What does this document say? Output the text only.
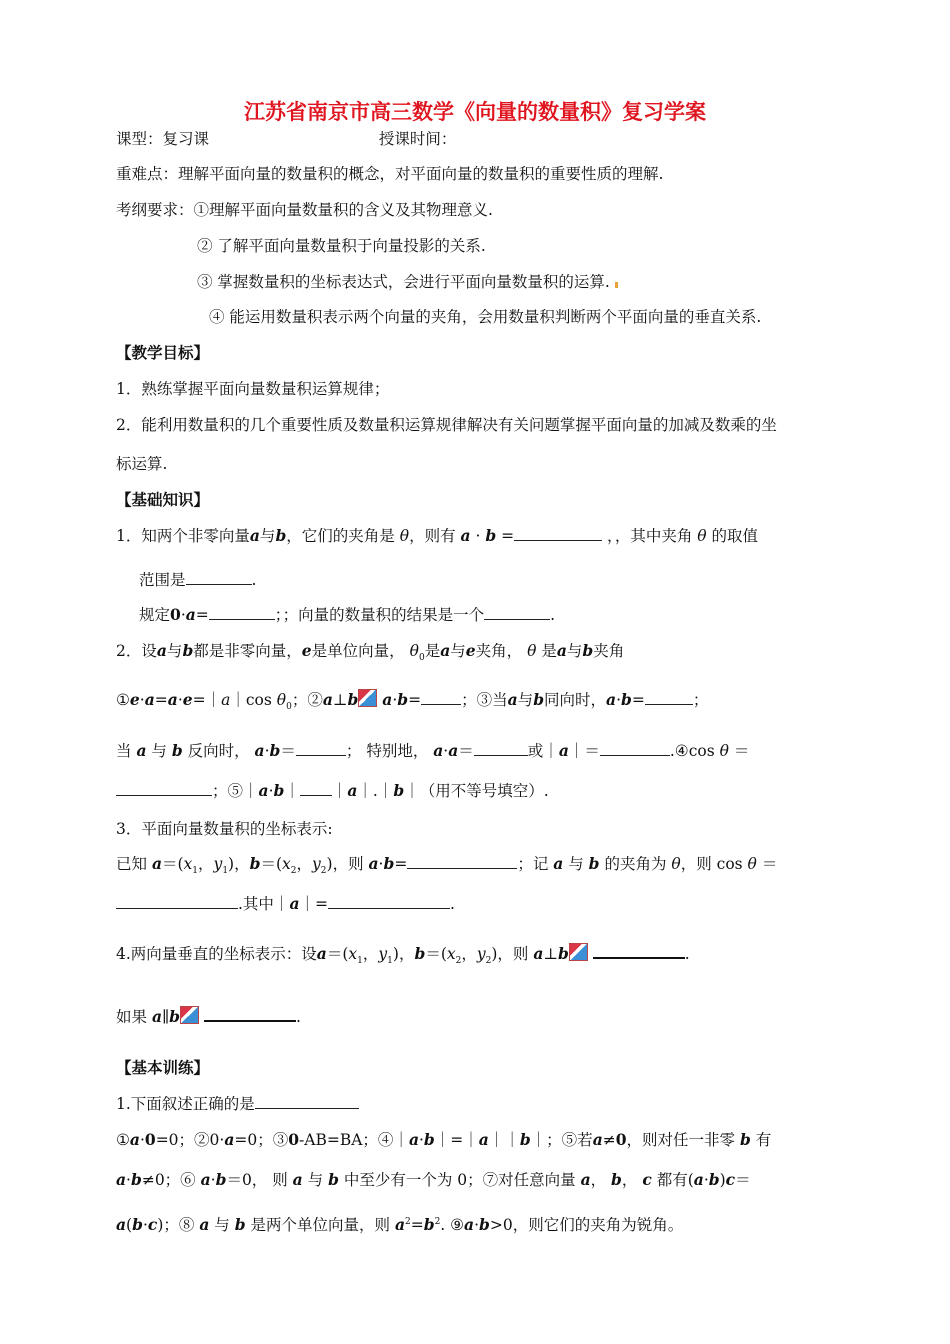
江苏省南京市高三数学《向量的数量积》复习学案
课型：复习课	授课时间：
重难点：理解平面向量的数量积的概念，对平面向量的数量积的重要性质的理解.
考纲要求：①理解平面向量数量积的含义及其物理意义.
② 了解平面向量数量积于向量投影的关系.
③ 掌握数量积的坐标表达式，会进行平面向量数量积的运算.
④ 能运用数量积表示两个向量的夹角，会用数量积判断两个平面向量的垂直关系.
【教学目标】
1．熟练掌握平面向量数量积运算规律；
2．能利用数量积的几个重要性质及数量积运算规律解决有关问题掌握平面向量的加减及数乘的坐
标运算.
【基础知识】
1．知两个非零向量a与b，它们的夹角是 θ，则有 a · b =	，，其中夹角 θ 的取值
范围是	.
规定0·a=	；；向量的数量积的结果是一个	.
2．设a与b都是非零向量，e是单位向量， $\theta_0$是a与e夹角， θ 是a与b夹角
①e·a=a·e=｜a｜cos $\theta_0$；②a⊥b a·b=	；③当a与b同向时，a·b=	；
当 a 与 b 反向时， a·b＝	； 特别地， a·a＝	或｜a｜＝	.④cos θ ＝
；⑤｜a·b｜ ｜a｜.｜b｜（用不等号填空）.
3．平面向量数量积的坐标表示:
已知 $a=(x_1$，$y_1$)，$b=(x_2$，$y_2$)，则 a·b=	；记 a 与 b 的夹角为 θ，则 cos θ ＝
.其中｜a｜=	.
4.两向量垂直的坐标表示：设$a=(x_1$，$y_1$)，$b=(x_2$，$y_2$)，则 a⊥b	.
如果 a∥b	.
【基本训练】
1.下面叙述正确的是
①a·0=0；②0·a=0；③0-AB=BA；④｜a·b｜=｜a｜｜b｜；⑤若a≠0，则对任一非零 b 有
a·b≠0；⑥ a·b＝0， 则 a 与 b 中至少有一个为 0；⑦对任意向量 a， b， c 都有(a·b)c＝
a(b·c)；⑧ a 与 b 是两个单位向量，则 $a^2=b^2$. ⑨a·b>0，则它们的夹角为锐角。
